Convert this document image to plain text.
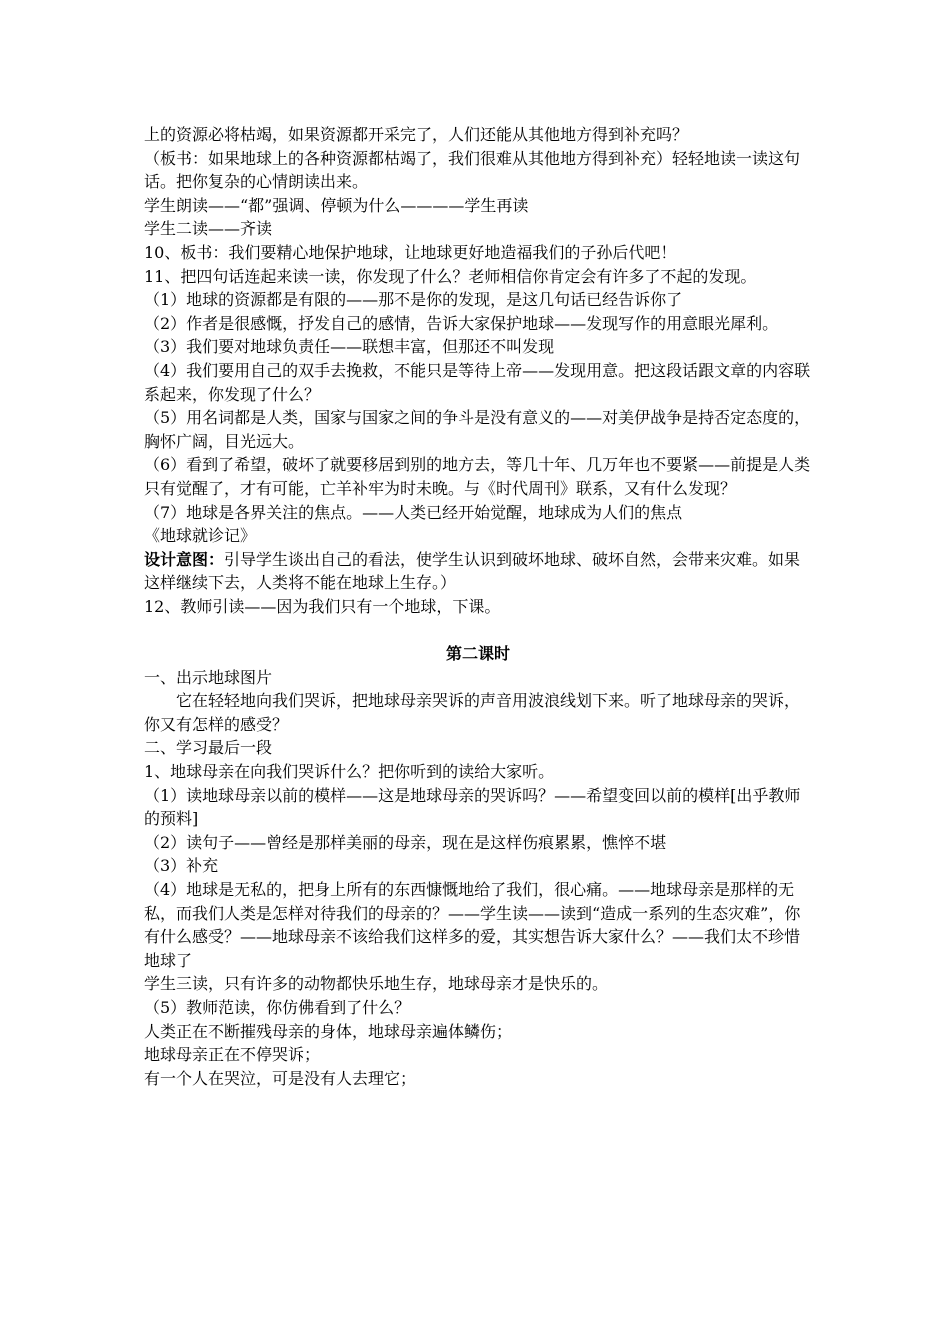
上的资源必将枯竭，如果资源都开采完了，人们还能从其他地方得到补充吗？

（板书：如果地球上的各种资源都枯竭了，我们很难从其他地方得到补充）轻轻地读一读这句话。把你复杂的心情朗读出来。

学生朗读——“都”强调、停顿为什么————学生再读

学生二读——齐读

10、板书：我们要精心地保护地球，让地球更好地造福我们的子孙后代吧！

11、把四句话连起来读一读，你发现了什么？老师相信你肯定会有许多了不起的发现。

（1）地球的资源都是有限的——那不是你的发现，是这几句话已经告诉你了

（2）作者是很感慨，抒发自己的感情，告诉大家保护地球——发现写作的用意眼光犀利。

（3）我们要对地球负责任——联想丰富，但那还不叫发现

（4）我们要用自己的双手去挽救，不能只是等待上帝——发现用意。把这段话跟文章的内容联系起来，你发现了什么？

（5）用名词都是人类，国家与国家之间的争斗是没有意义的——对美伊战争是持否定态度的，胸怀广阔，目光远大。

（6）看到了希望，破坏了就要移居到别的地方去，等几十年、几万年也不要紧——前提是人类只有觉醒了，才有可能，亡羊补牢为时未晚。与《时代周刊》联系，又有什么发现？

（7）地球是各界关注的焦点。——人类已经开始觉醒，地球成为人们的焦点

《地球就诊记》

设计意图：引导学生谈出自己的看法，使学生认识到破坏地球、破坏自然，会带来灾难。如果这样继续下去，人类将不能在地球上生存。）

12、教师引读——因为我们只有一个地球，下课。

第二课时

一、出示地球图片

它在轻轻地向我们哭诉，把地球母亲哭诉的声音用波浪线划下来。听了地球母亲的哭诉，你又有怎样的感受？

二、学习最后一段

1、地球母亲在向我们哭诉什么？把你听到的读给大家听。

（1）读地球母亲以前的模样——这是地球母亲的哭诉吗？——希望变回以前的模样[出乎教师的预料]

（2）读句子——曾经是那样美丽的母亲，现在是这样伤痕累累，憔悴不堪

（3）补充

（4）地球是无私的，把身上所有的东西慷慨地给了我们，很心痛。——地球母亲是那样的无私，而我们人类是怎样对待我们的母亲的？——学生读——读到“造成一系列的生态灾难”，你有什么感受？——地球母亲不该给我们这样多的爱，其实想告诉大家什么？——我们太不珍惜地球了

学生三读，只有许多的动物都快乐地生存，地球母亲才是快乐的。

（5）教师范读，你仿佛看到了什么？

人类正在不断摧残母亲的身体，地球母亲遍体鳞伤；

地球母亲正在不停哭诉；

有一个人在哭泣，可是没有人去理它；
